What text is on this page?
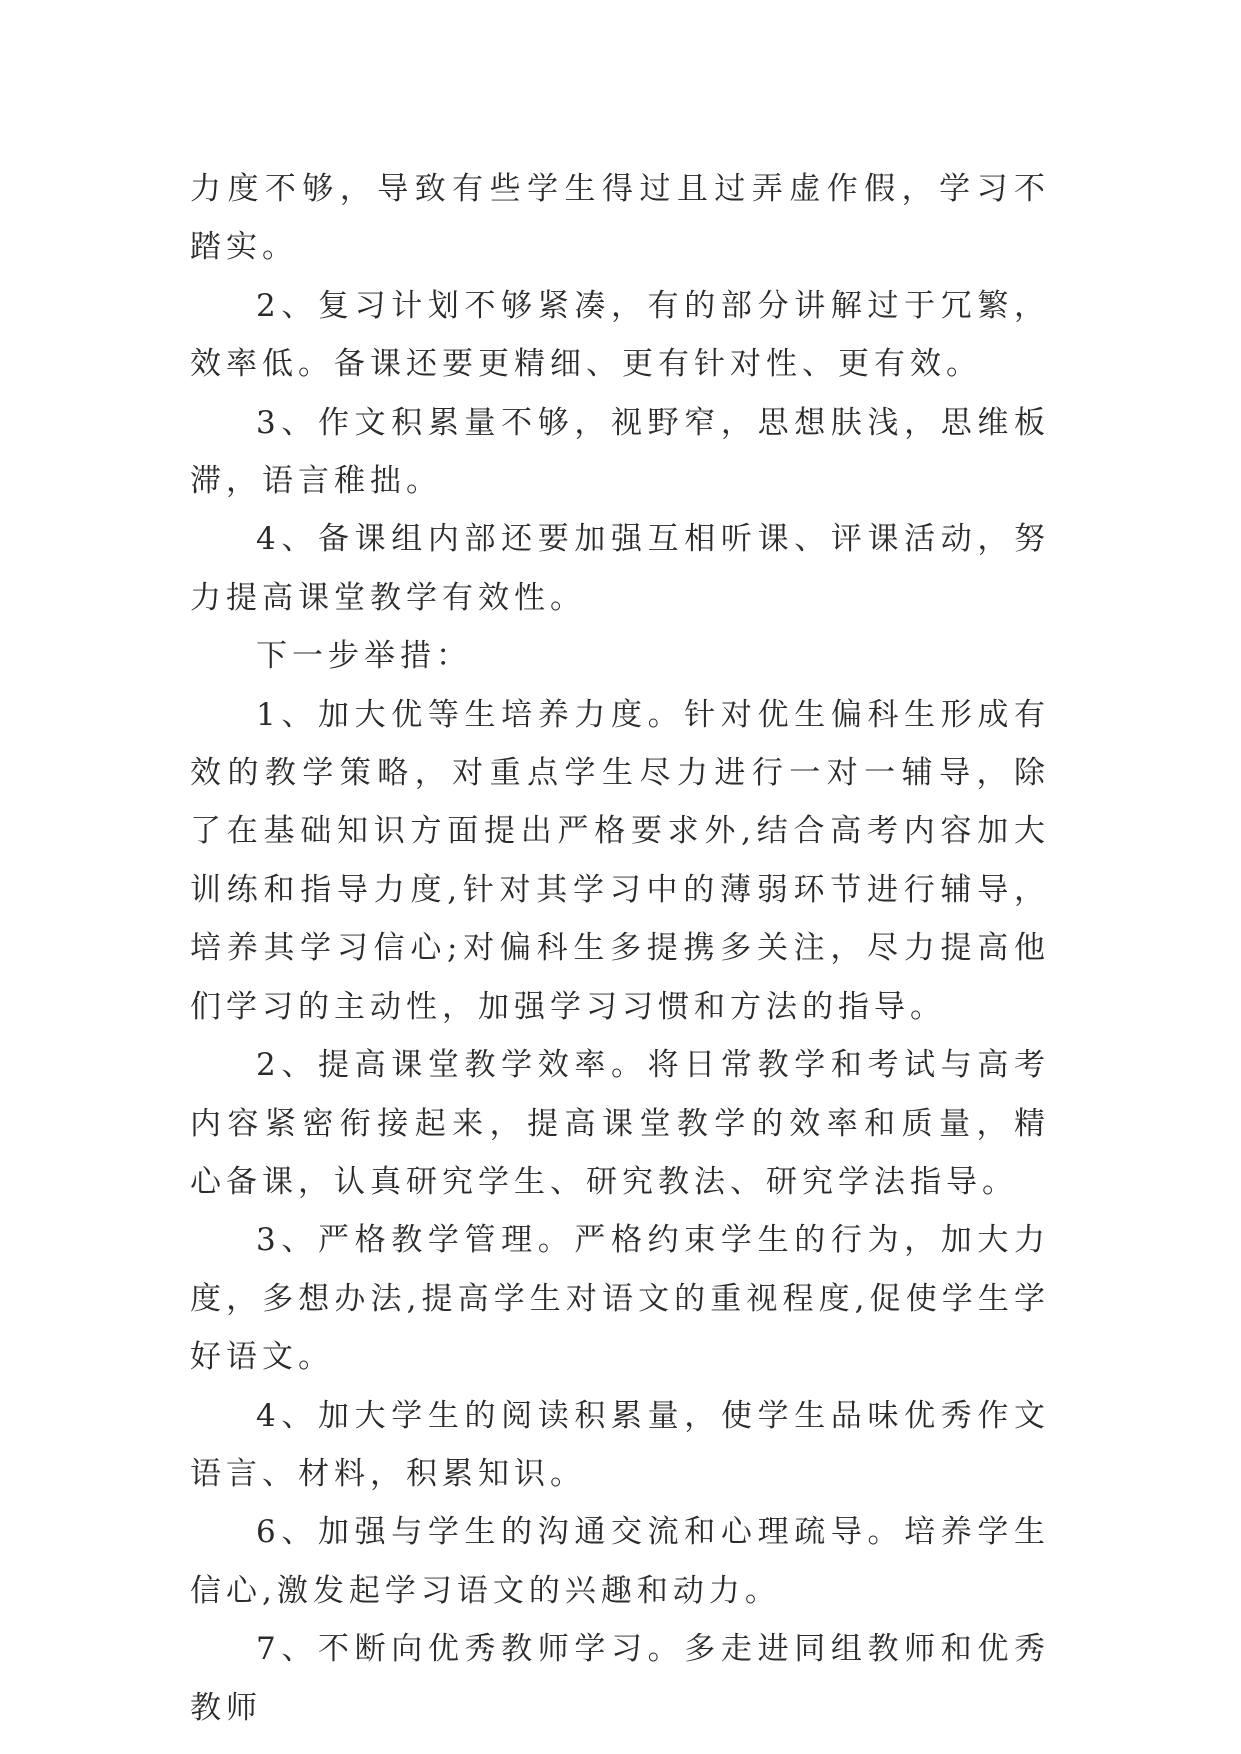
力度不够，导致有些学生得过且过弄虚作假，学习不踏实。

2、复习计划不够紧凑，有的部分讲解过于冗繁，效率低。备课还要更精细、更有针对性、更有效。

3、作文积累量不够，视野窄，思想肤浅，思维板滞，语言稚拙。

4、备课组内部还要加强互相听课、评课活动，努力提高课堂教学有效性。

下一步举措：

1、加大优等生培养力度。针对优生偏科生形成有效的教学策略，对重点学生尽力进行一对一辅导，除了在基础知识方面提出严格要求外,结合高考内容加大训练和指导力度,针对其学习中的薄弱环节进行辅导，培养其学习信心;对偏科生多提携多关注，尽力提高他们学习的主动性，加强学习习惯和方法的指导。

2、提高课堂教学效率。将日常教学和考试与高考内容紧密衔接起来，提高课堂教学的效率和质量，精心备课，认真研究学生、研究教法、研究学法指导。

3、严格教学管理。严格约束学生的行为，加大力度，多想办法,提高学生对语文的重视程度,促使学生学好语文。

4、加大学生的阅读积累量，使学生品味优秀作文语言、材料，积累知识。

6、加强与学生的沟通交流和心理疏导。培养学生信心,激发起学习语文的兴趣和动力。

7、不断向优秀教师学习。多走进同组教师和优秀教师
